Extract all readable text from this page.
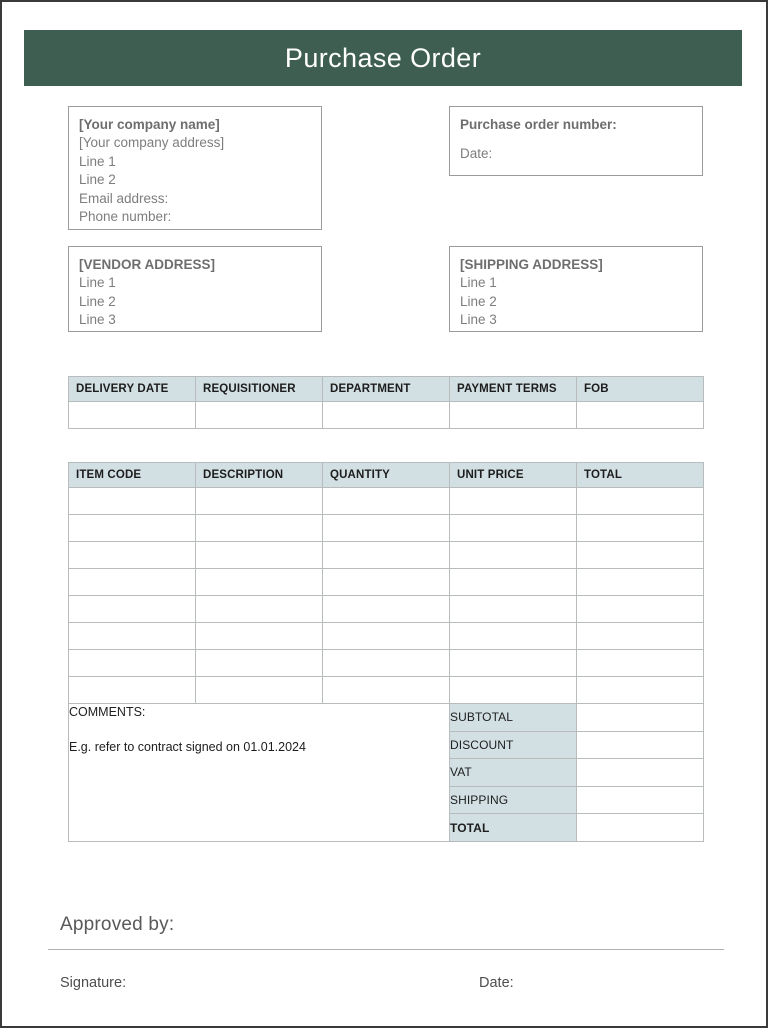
Purchase Order
[Your company name]
[Your company address]
Line 1
Line 2
Email address:
Phone number:
Purchase order number:
Date:
[VENDOR ADDRESS]
Line 1
Line 2
Line 3
[SHIPPING ADDRESS]
Line 1
Line 2
Line 3
DELIVERY DATE	REQUISITIONER	DEPARTMENT	PAYMENT TERMS	FOB

ITEM CODE	DESCRIPTION	QUANTITY	UNIT PRICE	TOTAL

COMMENTS:
E.g. refer to contract signed on 01.01.2024			SUBTOTAL	
			DISCOUNT	
			VAT	
			SHIPPING	
			TOTAL	
Approved by:
Signature:	Date:
